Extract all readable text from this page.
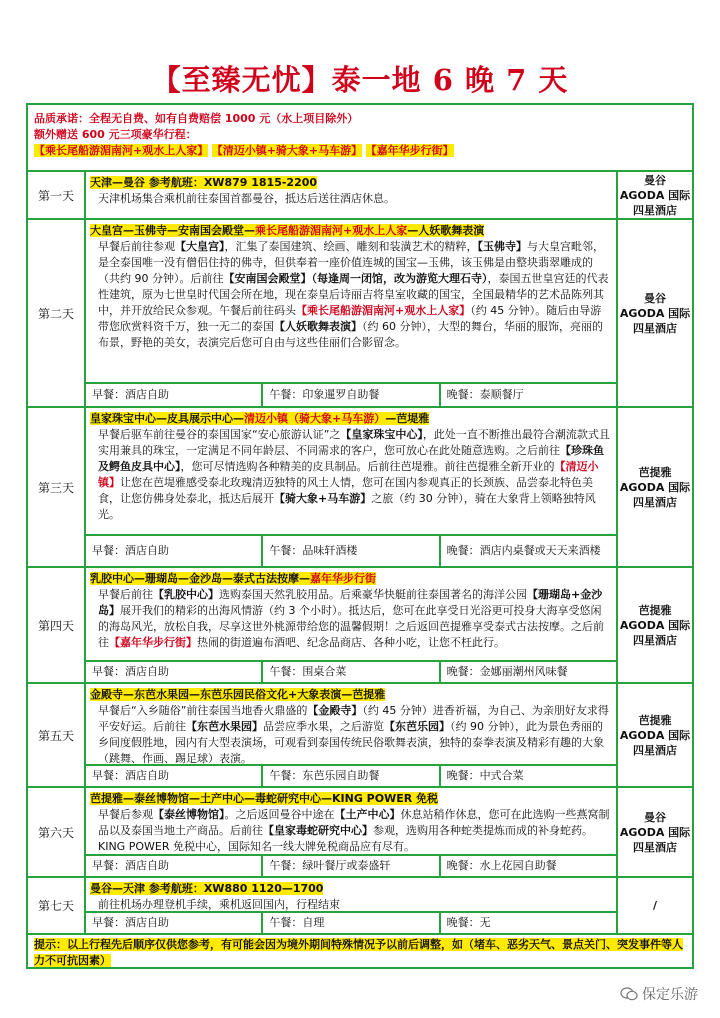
【至臻无忧】泰一地 6 晚 7 天
品质承诺：全程无自费、如有自费赔偿 1000 元（水上项目除外）
额外赠送 600 元三项豪华行程：
【乘长尾船游湄南河+观水上人家】 【清迈小镇+骑大象+马车游】 【嘉年华步行街】
第一天
天津—曼谷 参考航班：XW879 1815-2200
天津机场集合乘机前往泰国首都曼谷，抵达后送往酒店休息。
曼谷
AGODA 国际
四星酒店
第二天
大皇宫—玉佛寺—安南国会殿堂—乘长尾船游湄南河+观水上人家—人妖歌舞表演
早餐后前往参观【大皇宫】，汇集了泰国建筑、绘画、雕刻和装潢艺术的精粹，【玉佛寺】与大皇宫毗邻，是全泰国唯一没有僧侣住持的佛寺，但供奉着一座价值连城的国宝—玉佛，该玉佛是由整块翡翠雕成的（共约 90 分钟）。后前往【安南国会殿堂】（每逢周一闭馆，改为游览大理石寺），泰国五世皇宫廷的代表性建筑，原为七世皇时代国会所在地，现在泰皇后诗丽吉将皇室收藏的国宝，全国最精华的艺术品陈列其中，并开放给民众参观。午餐后前往码头【乘长尾船游湄南河+观水上人家】（约 45 分钟）。随后由导游带您欣赏料资千万，独一无二的泰国【人妖歌舞表演】（约 60 分钟），大型的舞台，华丽的服饰，亮丽的布景，野艳的美女，表演完后您可自由与这些佳丽们合影留念。
早餐：酒店自助	午餐：印象暹罗自助餐	晚餐：泰顺餐厅
曼谷
AGODA 国际
四星酒店
第三天
皇家珠宝中心—皮具展示中心—清迈小镇（骑大象+马车游）—芭堤雅
早餐后驱车前往曼谷的泰国国家“安心旅游认证”之【皇家珠宝中心】，此处一直不断推出最符合潮流款式且实用兼具的珠宝，一定满足不同年龄层、不同需求的客户，您可放心在此处随意选购。之后前往【珍珠鱼及鳄鱼皮具中心】，您可尽情选购各种精美的皮具制品。后前往芭堤雅。前往芭提雅全新开业的【清迈小镇】让您在芭堤雅感受泰北玫瑰清迈独特的风土人情，您可在国内参观真正的长颈族、品尝泰北特色美食，让您仿佛身处泰北，抵达后展开【骑大象+马车游】之旅（约 30 分钟），骑在大象背上领略独特风光。
早餐：酒店自助	午餐：品味轩酒楼	晚餐：酒店内桌餐或天天来酒楼
芭提雅
AGODA 国际
四星酒店
第四天
乳胶中心—珊瑚岛—金沙岛—泰式古法按摩—嘉年华步行街
早餐后前往【乳胶中心】选购泰国天然乳胶用品。后乘豪华快艇前往泰国著名的海洋公园【珊瑚岛+金沙岛】展开我们的精彩的出海风情游（约 3 个小时）。抵达后，您可在此享受日光浴更可投身大海享受悠闲的海岛风光，放松自我，尽享这世外桃源带给您的温馨假期！之后返回芭提雅享受泰式古法按摩。之后前往【嘉年华步行街】热闹的街道遍布酒吧、纪念品商店、各种小吃，让您不枉此行。
早餐：酒店自助	午餐：围桌合菜	晚餐：金娜丽潮州风味餐
芭提雅
AGODA 国际
四星酒店
第五天
金殿寺—东芭水果园—东芭乐园民俗文化+大象表演—芭提雅
早餐后“入乡随俗”前往泰国当地香火鼎盛的【金殿寺】（约 45 分钟）进香祈福，为自己、为亲朋好友求得平安好运。后前往【东芭水果园】品尝应季水果，之后游览【东芭乐园】（约 90 分钟），此为景色秀丽的乡间度假胜地，园内有大型表演场，可观看到泰国传统民俗歌舞表演，独特的泰拳表演及精彩有趣的大象（跳舞、作画、踢足球）表演。
早餐：酒店自助	午餐：东芭乐园自助餐	晚餐：中式合菜
芭提雅
AGODA 国际
四星酒店
第六天
芭提雅—泰丝博物馆—土产中心—毒蛇研究中心—KING POWER 免税
早餐后参观【泰丝博物馆】。之后返回曼谷中途在【土产中心】休息站稍作休息，您可在此选购一些燕窝制品以及泰国当地土产商品。后前往【皇家毒蛇研究中心】参观，选购用各种蛇类提炼而成的补身蛇药。KING POWER 免税中心，国际知名一线大牌免税商品应有尽有。
早餐：酒店自助	午餐：绿叶餐厅或泰盛轩	晚餐：水上花园自助餐
曼谷
AGODA 国际
四星酒店
第七天
曼谷—天津 参考航班：XW880 1120—1700
前往机场办理登机手续，乘机返回国内，行程结束
早餐：酒店自助	午餐：自理	晚餐：无
/
提示：以上行程先后顺序仅供您参考，有可能会因为境外期间特殊情况予以前后调整，如（堵车、恶劣天气、景点关门、突发事件等人力不可抗因素）
保定乐游
